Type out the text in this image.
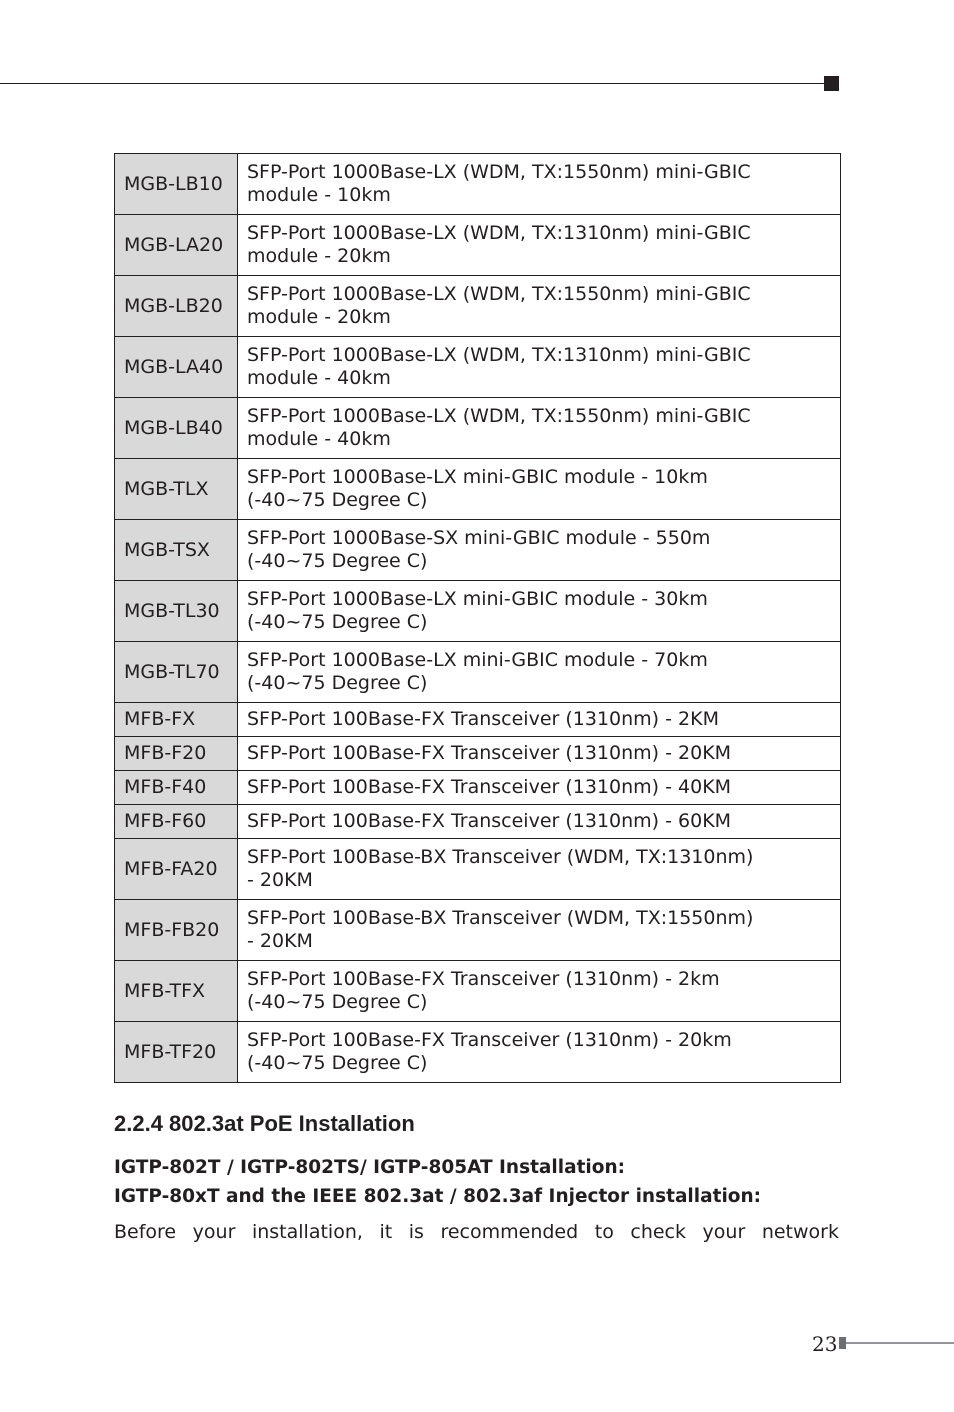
MGB-LB10	SFP-Port 1000Base-LX (WDM, TX:1550nm) mini-GBIC
module - 10km

MGB-LA20	SFP-Port 1000Base-LX (WDM, TX:1310nm) mini-GBIC
module - 20km

MGB-LB20	SFP-Port 1000Base-LX (WDM, TX:1550nm) mini-GBIC
module - 20km

MGB-LA40	SFP-Port 1000Base-LX (WDM, TX:1310nm) mini-GBIC
module - 40km

MGB-LB40	SFP-Port 1000Base-LX (WDM, TX:1550nm) mini-GBIC
module - 40km

MGB-TLX	SFP-Port 1000Base-LX mini-GBIC module - 10km
(-40~75 Degree C)

MGB-TSX	SFP-Port 1000Base-SX mini-GBIC module - 550m
(-40~75 Degree C)

MGB-TL30	SFP-Port 1000Base-LX mini-GBIC module - 30km
(-40~75 Degree C)

MGB-TL70	SFP-Port 1000Base-LX mini-GBIC module - 70km
(-40~75 Degree C)

MFB-FX	SFP-Port 100Base-FX Transceiver (1310nm) - 2KM

MFB-F20	SFP-Port 100Base-FX Transceiver (1310nm) - 20KM

MFB-F40	SFP-Port 100Base-FX Transceiver (1310nm) - 40KM

MFB-F60	SFP-Port 100Base-FX Transceiver (1310nm) - 60KM

MFB-FA20	SFP-Port 100Base-BX Transceiver (WDM, TX:1310nm)
- 20KM

MFB-FB20	SFP-Port 100Base-BX Transceiver (WDM, TX:1550nm)
- 20KM

MFB-TFX	SFP-Port 100Base-FX Transceiver (1310nm) - 2km
(-40~75 Degree C)

MFB-TF20	SFP-Port 100Base-FX Transceiver (1310nm) - 20km
(-40~75 Degree C)
2.2.4 802.3at PoE Installation

IGTP-802T / IGTP-802TS/ IGTP-805AT Installation:

IGTP-80xT and the IEEE 802.3at / 802.3af Injector installation:

Before your installation, it is recommended to check your network

23
